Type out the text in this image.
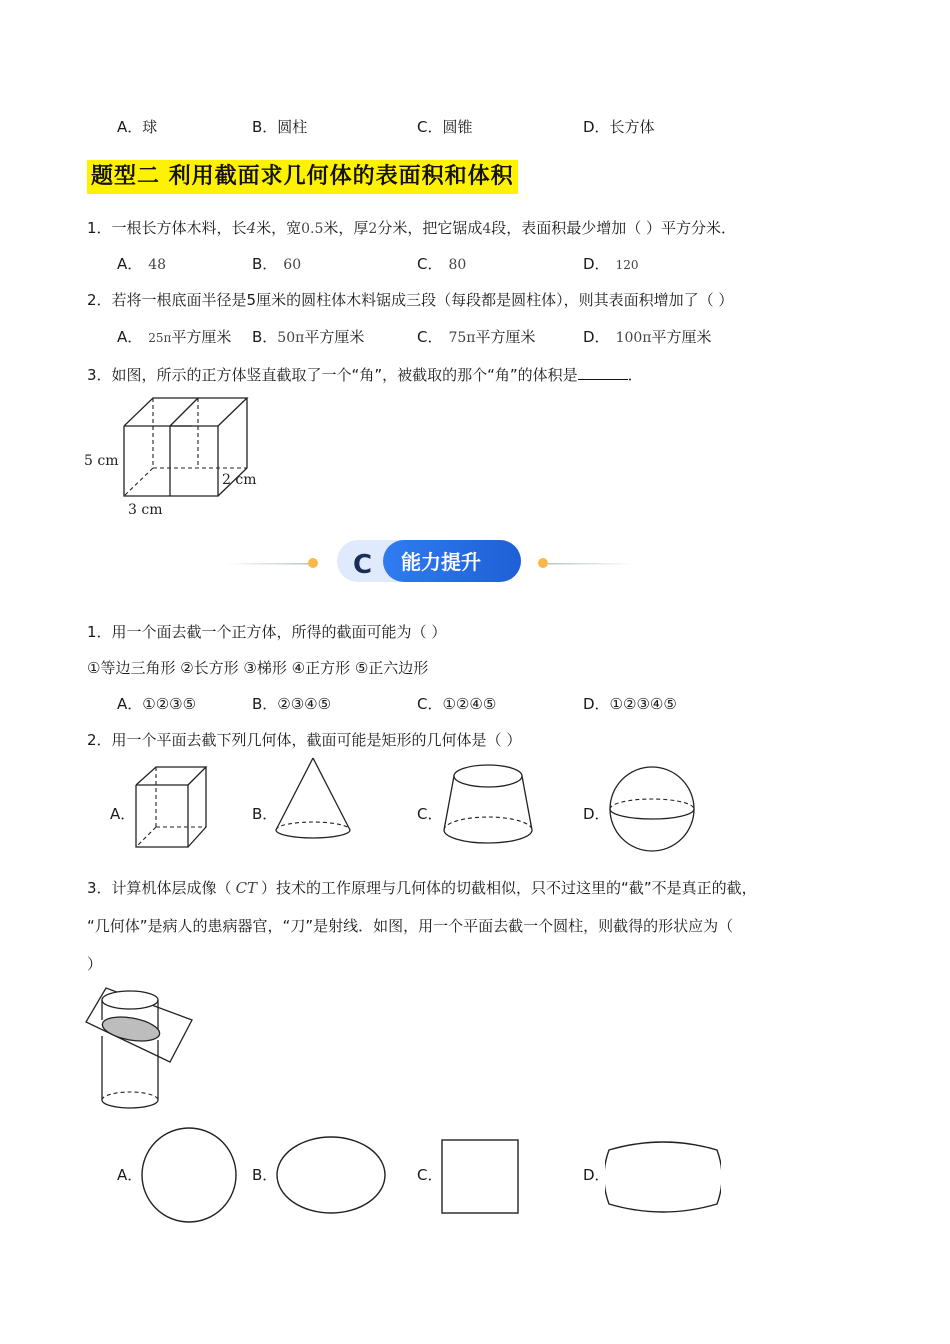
A．球	B．圆柱	C．圆锥	D．长方体
题型二 利用截面求几何体的表面积和体积
1．一根长方体木料，长4米，宽0.5米，厚2分米，把它锯成4段，表面积最少增加（ ）平方分米．
A． 48	B． 60	C． 80	D． 120
2．若将一根底面半径是5厘米的圆柱体木料锯成三段（每段都是圆柱体），则其表面积增加了（ ）
A． 25π平方厘米 B．50π平方厘米	C． 75π平方厘米	D． 100π平方厘米
3．如图，所示的正方体竖直截取了一个“角”，被截取的那个“角”的体积是	．
5 cm
2 cm
3 cm
C 能力提升
1．用一个面去截一个正方体，所得的截面可能为（ ）
①等边三角形 ②长方形 ③梯形 ④正方形 ⑤正六边形
A．①②③⑤	B．②③④⑤	C．①②④⑤	D．①②③④⑤
2．用一个平面去截下列几何体，截面可能是矩形的几何体是（ ）
A．	B．	C．	D．
3．计算机体层成像（ CT ）技术的工作原理与几何体的切截相似，只不过这里的“截”不是真正的截，
“几何体”是病人的患病器官，“刀”是射线．如图，用一个平面去截一个圆柱，则截得的形状应为（
）
A．	B．	C．	D．
